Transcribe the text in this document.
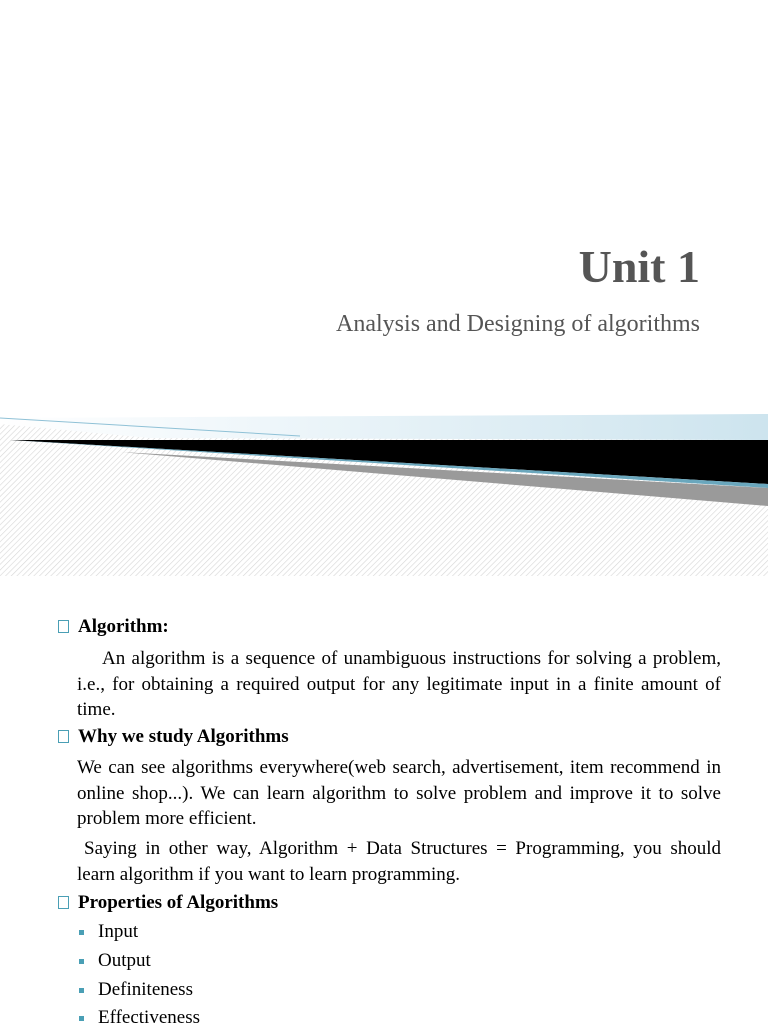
Unit 1
Analysis and Designing of algorithms
Algorithm:
An algorithm is a sequence of unambiguous instructions for solving a problem, i.e., for obtaining a required output for any legitimate input in a finite amount of time.
Why we study Algorithms
We can see algorithms everywhere(web search, advertisement, item recommend in online shop...). We can learn algorithm to solve problem and improve it to solve problem more efficient.
Saying in other way, Algorithm + Data Structures = Programming, you should learn algorithm if you want to learn programming.
Properties of Algorithms
Input
Output
Definiteness
Effectiveness
